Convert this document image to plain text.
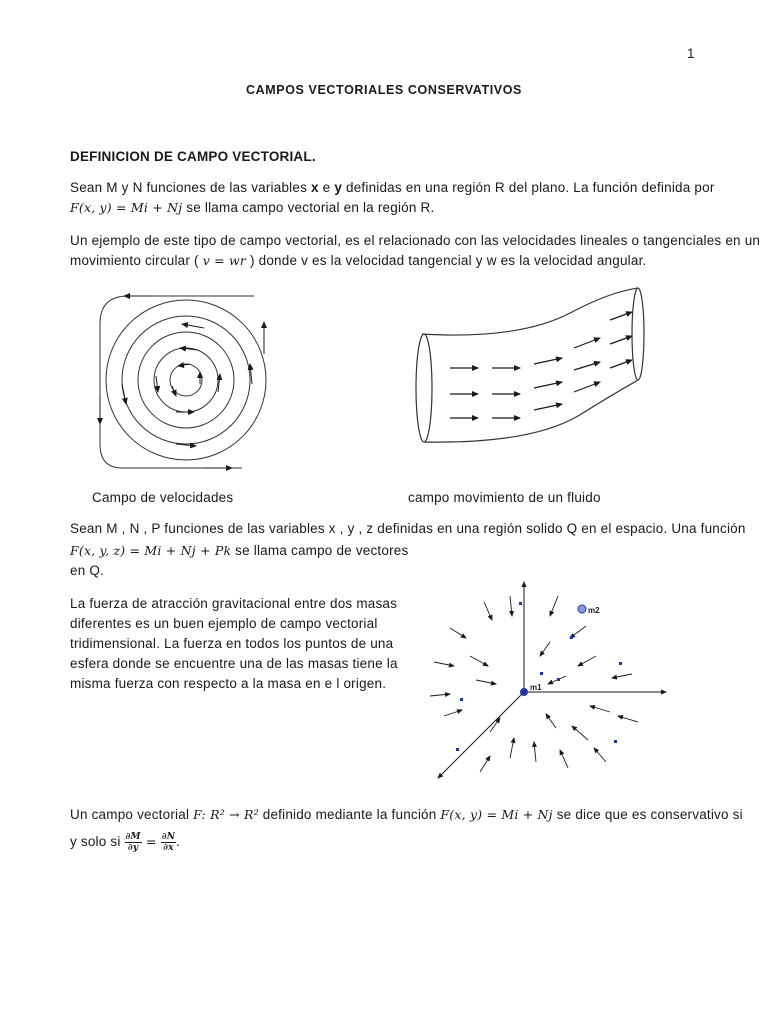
1
CAMPOS VECTORIALES CONSERVATIVOS
DEFINICION DE CAMPO VECTORIAL.
Sean M y N funciones de las variables x e y definidas en una región R del plano. La función definida por
F(x, y) = Mi + Nj se llama campo vectorial en la región R.
Un ejemplo de este tipo de campo vectorial, es el relacionado con las velocidades lineales o tangenciales en un
movimiento circular ( v = wr ) donde v es la velocidad tangencial y w es la velocidad angular.
Campo de velocidades	campo movimiento de un fluido
Sean M , N , P funciones de las variables x , y , z definidas en una región solido Q en el espacio. Una función
F(x, y, z) = Mi + Nj + Pk se llama campo de vectores
en Q.
La fuerza de atracción gravitacional entre dos masas
diferentes es un buen ejemplo de campo vectorial
tridimensional. La fuerza en todos los puntos de una
esfera donde se encuentre una de las masas tiene la
misma fuerza con respecto a la masa en e l origen.
m2
m1
Un campo vectorial F: R² → R² definido mediante la función F(x, y) = Mi + Nj se dice que es conservativo si
y solo si $\frac{\partial M}{\partial y} = \frac{\partial N}{\partial x}$ .
